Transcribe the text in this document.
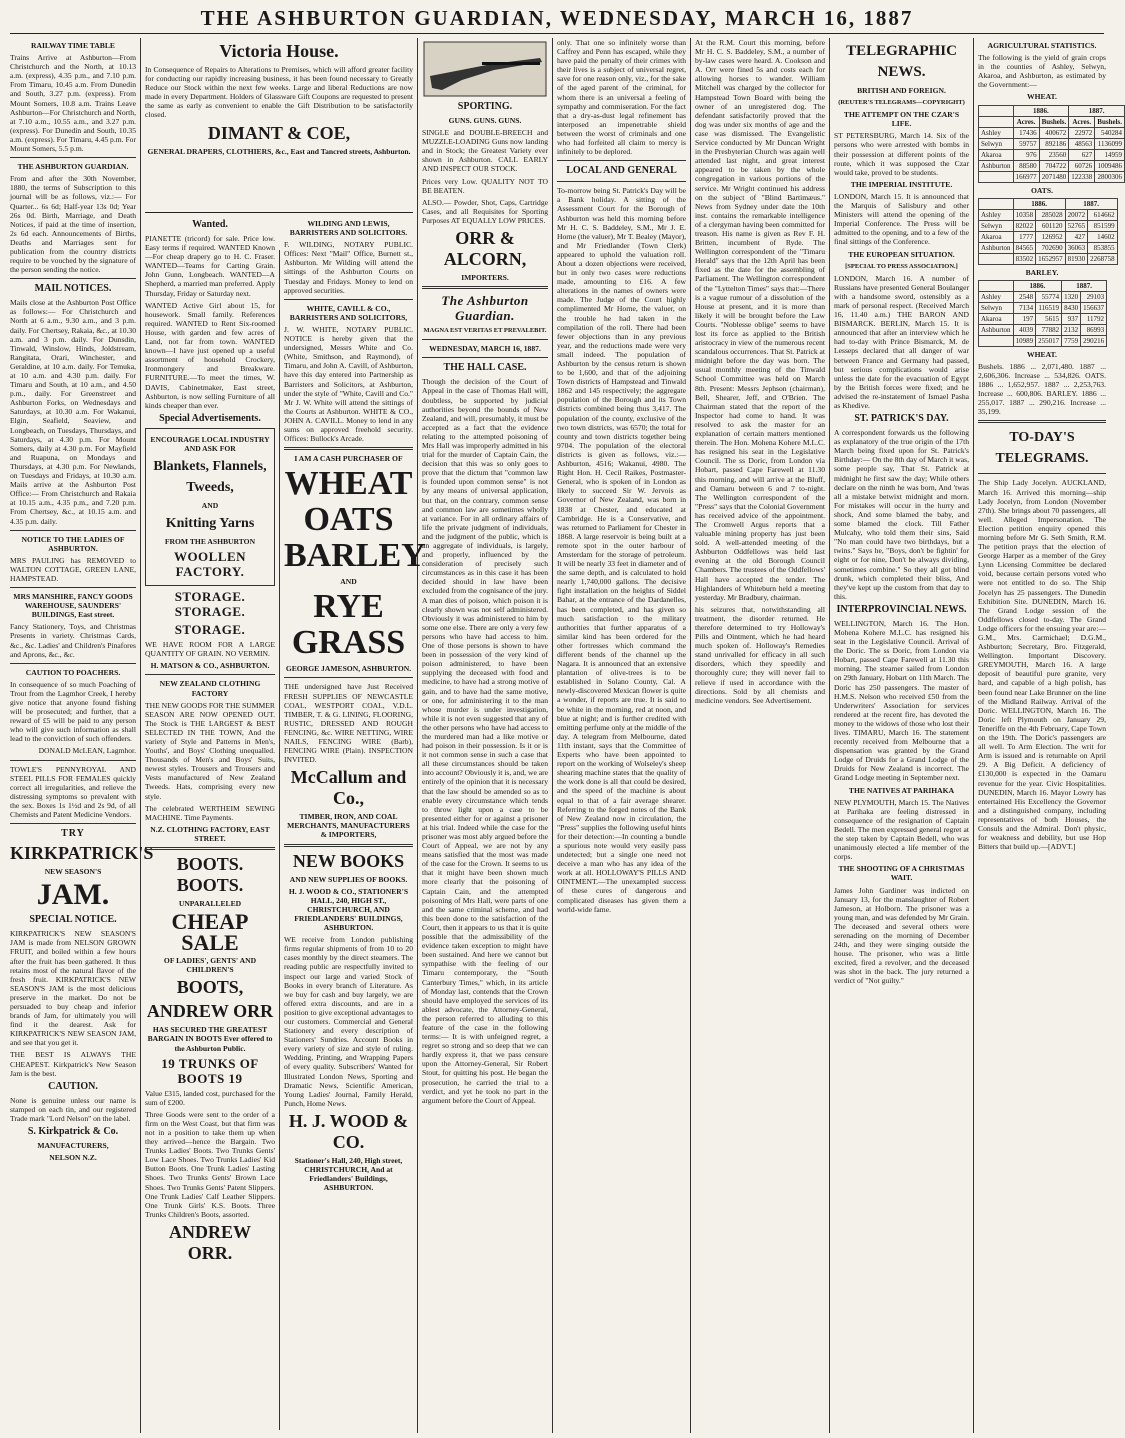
THE ASHBURTON GUARDIAN, WEDNESDAY, MARCH 16, 1887
RAILWAY TIME TABLE

Trains Arrive at Ashburton—From Christchurch and the North, at 10.13 a.m. (express), 4.35 p.m., and 7.10 p.m. From Timaru, 10.45 a.m. From Dunedin and South, 3.27 p.m. (express). From Mount Somers, 10.8 a.m. Trains Leave Ashburton—For Christchurch and North, at 7.10 a.m., 10.55 a.m., and 3.27 p.m. (express). For Dunedin and South, 10.35 a.m. (express). For Timaru, 4.45 p.m. For Mount Somers, 5.5 p.m.

THE ASHBURTON GUARDIAN.

From and after the 30th November, 1880, the terms of Subscription to this journal will be as follows, viz.:— For Quarter... 6s 6d; Half-year 13s 0d; Year 26s 0d. Birth, Marriage, and Death Notices, if paid at the time of insertion, 2s 6d each. Announcements of Births, Deaths and Marriages sent for publication from the country districts require to be vouched by the signature of the person sending the notice.

MAIL NOTICES.

Mails close at the Ashburton Post Office as follows:— For Christchurch and North at 6 a.m., 9.30 a.m., and 3 p.m. daily. For Chertsey, Rakaia, &c., at 10.30 a.m. and 3 p.m. daily. For Dunsdin, Tinwald, Winslow, Hinds, Joldstream, Rangitata, Orari, Winchester, and Geraldine, at 10 a.m. daily. For Temuka, at 10 a.m. and 4.30 p.m. daily. For Timaru and South, at 10 a.m., and 4.50 p.m., daily. For Greenstreet and Ashburton Forks, on Wednesdays and Saturdays, at 10.30 a.m. For Wakanui, Elgin, Seafield, Seaview, and Longbeach, on Tuesdays, Thursdays, and Saturdays, at 4.30 p.m. For Mount Somers, daily at 4.30 p.m. For Mayfield and Ruapuna, on Mondays and Thursdays, at 4.30 p.m. For Newlands, on Tuesdays and Fridays, at 10.30 a.m. Mails arrive at the Ashburton Post Office:— From Christchurch and Rakaia at 10.15 a.m., 4.35 p.m., and 7.20 p.m. From Chertsey, &c., at 10.15 a.m. and 4.35 p.m. daily.

NOTICE TO THE LADIES OF ASHBURTON.

MRS PAULING has REMOVED to WALTON COTTAGE, GREEN LANE, HAMPSTEAD.

MRS MANSHIRE, FANCY GOODS WAREHOUSE, SAUNDERS' BUILDINGS, East street.

Fancy Stationery, Toys, and Christmas Presents in variety. Christmas Cards, &c., &c. Ladies' and Children's Pinafores and Aprons, &c., &c.

CAUTION TO POACHERS.

In consequence of so much Poaching of Trout from the Lagmhor Creek, I hereby give notice that anyone found fishing will be prosecuted; and further, that a reward of £5 will be paid to any person who will give such information as shall lead to the conviction of such offenders.

DONALD McLEAN, Lagmhor.

TOWLE'S PENNYROYAL AND STEEL PILLS FOR FEMALES quickly correct all irregularities, and relieve the distressing symptoms so prevalent with the sex. Boxes 1s 1½d and 2s 9d, of all Chemists and Patent Medicine Vendors.

TRY
KIRKPATRICK'S
NEW SEASON'S
JAM.
SPECIAL NOTICE.

KIRKPATRICK'S NEW SEASON'S JAM is made from NELSON GROWN FRUIT, and boiled within a few hours after the fruit has been gathered. It thus retains most of the natural flavor of the fresh fruit. KIRKPATRICK'S NEW SEASON'S JAM is the most delicious preserve in the market. Do not be persuaded to buy cheap and inferior brands of Jam, for ultimately you will find it the dearest. Ask for KIRKPATRICK'S NEW SEASON JAM, and see that you get it.

THE BEST IS ALWAYS THE CHEAPEST. Kirkpatrick's New Season Jam is the best.

CAUTION.

None is genuine unless our name is stamped on each tin, and our registered Trade mark "Lord Nelson" on the label.

S. Kirkpatrick & Co.
MANUFACTURERS,
NELSON N.Z.
Victoria House.

In Consequence of Repairs to Alterations to Premises, which will afford greater facility for conducting our rapidly increasing business, it has been found necessary to Greatly Reduce our Stock within the next few weeks. Large and liberal Reductions are now made in every Department. Holders of Glassware Gift Coupons are requested to present the same as early as convenient to enable the Gift Distribution to be satisfactorily closed.

DIMANT & COE,
GENERAL DRAPERS, CLOTHIERS, &c., East and Tancred streets, Ashburton.
Wanted.

PIANETTE (tricord) for sale. Price low. Easy terms if required. WANTED Known—For cheap drapery go to H. C. Fraser. WANTED—Teams for Carting Grain. John Gunn, Longbeach. WANTED—A Shepherd, a married man preferred. Apply Thursday, Friday or Saturday next.

WANTED Active Girl about 15, for housework. Small family. References required. WANTED to Rent Six-roomed House, with garden and few acres of Land, not far from town. WANTED known—I have just opened up a useful assortment of household Crockery, Ironmongery and Breakware. FURNITURE.—To meet the times, W. DAVIS, Cabinetmaker, East street, Ashburton, is now selling Furniture of all kinds cheaper than ever.

Special Advertisements.
ENCOURAGE LOCAL INDUSTRY AND ASK FOR
Blankets, Flannels, Tweeds,
AND
Knitting Yarns
FROM THE ASHBURTON
WOOLLEN FACTORY.
STORAGE. STORAGE.
STORAGE.

WE HAVE ROOM FOR A LARGE QUANTITY OF GRAIN. NO VERMIN.

H. MATSON & CO., ASHBURTON.
NEW ZEALAND CLOTHING FACTORY

THE NEW GOODS FOR THE SUMMER SEASON ARE NOW OPENED OUT. The Stock is THE LARGEST & BEST SELECTED IN THE TOWN, And the variety of Style and Patterns in Men's, Youths', and Boys' Clothing unequalled. Thousands of Men's and Boys' Suits, newest styles. Trousers and Trousers and Vests manufactured of New Zealand Tweeds. Hats, comprising every new style.

The celebrated WERTHEIM SEWING MACHINE. Time Payments.

N.Z. CLOTHING FACTORY, EAST STREET.
BOOTS. BOOTS.
UNPARALLELED
CHEAP SALE
OF LADIES', GENTS' AND CHILDREN'S
BOOTS,
ANDREW ORR
HAS SECURED THE GREATEST BARGAIN IN BOOTS Ever offered to the Ashburton Public.
19 TRUNKS OF BOOTS 19

Value £315, landed cost, purchased for the sum of £200.

Three Goods were sent to the order of a firm on the West Coast, but that firm was not in a position to take them up when they arrived—hence the Bargain. Two Trunks Ladies' Boots. Two Trunks Gents' Low Lace Shoes. Two Trunks Ladies' Kid Button Boots. One Trunk Ladies' Lasting Shoes. Two Trunks Gents' Brown Lace Shoes. Two Trunks Gents' Patent Slippers. One Trunk Ladies' Calf Leather Slippers. One Trunk Girls' K.S. Boots. Three Trunks Children's Boots, assorted.

ANDREW ORR.
WILDING AND LEWIS, BARRISTERS AND SOLICITORS.

F. WILDING, NOTARY PUBLIC. Offices: Next "Mail" Office, Burnett st., Ashburton. Mr Wilding will attend the sittings of the Ashburton Courts on Tuesday and Fridays. Money to lend on approved securities.

WHITE, CAVILL & CO., BARRISTERS AND SOLICITORS,

J. W. WHITE, NOTARY PUBLIC. NOTICE is hereby given that the undersigned, Messrs White and Co. (White, Smithson, and Raymond), of Timaru, and John A. Cavill, of Ashburton, have this day entered into Partnership as Barristers and Solicitors, at Ashburton, under the style of "White, Cavill and Co." Mr J. W. White will attend the sittings of the Courts at Ashburton. WHITE & CO., JOHN A. CAVILL. Money to lend in any sums on approved freehold security. Offices: Bullock's Arcade.

I AM A CASH PURCHASER OF
WHEAT
OATS
BARLEY
AND
RYE GRASS
GEORGE JAMESON, ASHBURTON.

THE undersigned have Just Received FRESH SUPPLIES OF NEWCASTLE COAL, WESTPORT COAL, V.D.L. TIMBER, T. & G. LINING, FLOORING, RUSTIC, DRESSED AND ROUGH FENCING, &c. WIRE NETTING, WIRE NAILS, FENCING WIRE (Barb), FENCING WIRE (Plain). INSPECTION INVITED.

McCallum and Co.,
TIMBER, IRON, AND COAL MERCHANTS, MANUFACTURERS & IMPORTERS,
NEW BOOKS
AND NEW SUPPLIES OF BOOKS.
H. J. WOOD & CO., STATIONER'S HALL, 240, HIGH ST., CHRISTCHURCH, AND FRIEDLANDERS' BUILDINGS, ASHBURTON.

WE receive from London publishing firms regular shipments of from 10 to 20 cases monthly by the direct steamers. The reading public are respectfully invited to inspect our large and varied Stock of Books in every branch of Literature. As we buy for cash and buy largely, we are offered extra discounts, and are in a position to give exceptional advantages to our customers. Commercial and General Stationery and every description of Stationers' Sundries. Account Books in every variety of size and style of ruling. Wedding, Printing, and Wrapping Papers of every quality. Subscribers' Wanted for Illustrated London News, Sporting and Dramatic News, Scientific American, Young Ladies' Journal, Family Herald, Punch, Home News.

H. J. WOOD & CO.
Stationer's Hall, 240, High street, CHRISTCHURCH, And at Friedlanders' Buildings, ASHBURTON.
SPORTING.
GUNS. GUNS. GUNS.

SINGLE and DOUBLE-BREECH and MUZZLE-LOADING Guns now landing and in Stock; the Greatest Variety ever shown in Ashburton. CALL EARLY AND INSPECT OUR STOCK.

Prices very Low. QUALITY NOT TO BE BEATEN.

ALSO.— Powder, Shot, Caps, Cartridge Cases, and all Requisites for Sporting Purposes AT EQUALLY LOW PRICES.

ORR & ALCORN,
IMPORTERS.
The Ashburton Guardian.
MAGNA EST VERITAS ET PREVALEBIT.
WEDNESDAY, MARCH 16, 1887.
THE HALL CASE.

Though the decision of the Court of Appeal in the case of Thomas Hall will, doubtless, be supported by judicial authorities beyond the bounds of New Zealand, and will, presumably, it must be accepted as a fact that the evidence relating to the attempted poisoning of Mrs Hall was improperly admitted in his trial for the murder of Captain Cain, the decision that this was so only goes to prove that the dictum that "common law is founded upon common sense" is not by any means of universal application, but that, on the contrary, common sense and common law are sometimes wholly at variance. For in all ordinary affairs of life the private judgment of individuals, and the judgment of the public, which is an aggregate of individuals, is largely, and properly, influenced by the consideration of precisely such circumstances as in this case it has been decided should in law have been excluded from the cognisance of the jury. A man dies of poison, which poison it is clearly shown was not self administered. Obviously it was administered to him by some one else. There are only a very few persons who have had access to him. One of those persons is shown to have been in possession of the very kind of poison administered, to have been supplying the deceased with food and medicine, to have had a strong motive of gain, and to have had the same motive, or one, for administering it to the man whose murder is under investigation, while it is not even suggested that any of the other persons who have had access to the murdered man had a like motive or had poison in their possession. Is it or is it not common sense in such a case that all these circumstances should be taken into account? Obviously it is, and, we are entirely of the opinion that it is necessary that the law should be amended so as to enable every circumstance which tends to throw light upon a case to be presented either for or against a prisoner at his trial. Indeed while the case for the prisoner was most ably argued before the Court of Appeal, we are not by any means satisfied that the most was made of the case for the Crown. It seems to us that it might have been shown much more clearly that the poisoning of Captain Cain, and the attempted poisoning of Mrs Hall, were parts of one and the same criminal scheme, and had this been done to the satisfaction of the Court, then it appears to us that it is quite possible that the admissibility of the evidence taken exception to might have been sustained. And here we cannot but sympathise with the feeling of our Timaru contemporary, the "South Canterbury Times," which, in its article of Monday last, contends that the Crown should have employed the services of its ablest advocate, the Attorney-General, the person referred to alluding to this feature of the case in the following terms:— It is with unfeigned regret, a regret so strong and so deep that we can hardly express it, that we pass censure upon the Attorney-General, Sir Robert Stout, for quitting his post. He began the prosecution, he carried the trial to a verdict, and yet he took no part in the argument before the Court of Appeal.

only. That one so infinitely worse than Caffrey and Penn has escaped, while they have paid the penalty of their crimes with their lives is a subject of universal regret, save for one reason only, viz., for the sake of the aged parent of the criminal, for whom there is an universal a feeling of sympathy and commiseration. For the fact that a dry-as-dust legal refinement has interposed an impenetrable shield between the worst of criminals and one who had forfeited all claim to mercy is infinitely to be deplored.

LOCAL AND GENERAL

To-morrow being St. Patrick's Day will be a Bank holiday. A sitting of the Assessment Court for the Borough of Ashburton was held this morning before Mr H. C. S. Baddeley, S.M., Mr J. E. Horne (the valuer), Mr T. Bealey (Mayor), and Mr Friedlander (Town Clerk) appeared to uphold the valuation roll. About a dozen objections were received, but in only two cases were reductions made, amounting to £16. A few alterations in the names of owners were made. The Judge of the Court highly complimented Mr Horne, the valuer, on the trouble he had taken in the compilation of the roll. There had been fewer objections than in any previous year, and the reductions made were very small indeed. The population of Ashburton by the census return is shown to be 1,600, and that of the adjoining Town districts of Hampstead and Tinwald 1862 and 145 respectively; the aggregate population of the Borough and its Town districts combined being thus 3,417. The population of the county, exclusive of the two town districts, was 6570; the total for county and town districts together being 9704. The population of the electoral districts is given as follows, viz.:—Ashburton, 4516; Wakanui, 4980. The Right Hon. H. Cecil Raikes, Postmaster-General, who is spoken of in London as likely to succeed Sir W. Jervois as Governor of New Zealand, was born in 1838 at Chester, and educated at Cambridge. He is a Conservative, and was returned to Parliament for Chester in 1868. A large reservoir is being built at a remote spot in the outer harbour of Amsterdam for the storage of petroleum. It will be nearly 33 feet in diameter and of the same depth, and is calculated to hold nearly 1,740,000 gallons. The decisive fight installation on the heights of Siddel Bahar, at the entrance of the Dardanelles, has been completed, and has given so much satisfaction to the military authorities that further apparatus of a similar kind has been ordered for the other fortresses which command the different bends of the channel up the Nagara. It is announced that an extensive plantation of olive-trees is to be established in Solano County, Cal. A newly-discovered Mexican flower is quite a wonder, if reports are true. It is said to be white in the morning, red at noon, and blue at night; and is further credited with emitting perfume only at the middle of the day. A telegram from Melbourne, dated 11th instant, says that the Committee of Experts who have been appointed to report on the working of Wolseley's sheep shearing machine states that the quality of the work done is all that could be desired, and the speed of the machine is about equal to that of a fair average shearer. Referring to the forged notes of the Bank of New Zealand now in circulation, the "Press" supplies the following useful hints for their detection:—In counting a bundle a spurious note would very easily pass undetected; but a single one need not deceive a man who has any idea of the work at all. HOLLOWAY'S PILLS AND OINTMENT.—The unexampled success of these cures of dangerous and complicated diseases has given them a world-wide fame.

At the R.M. Court this morning, before Mr H. C. S. Baddeley, S.M., a number of by-law cases were heard. A. Cookson and A. Orr were fined 5s and costs each for allowing horses to wander. William Mitchell was charged by the collector for Hampstead Town Board with being the owner of an unregistered dog. The defendant satisfactorily proved that the dog was under six months of age and the case was dismissed. The Evangelistic Service conducted by Mr Duncan Wright in the Presbyterian Church was again well attended last night, and great interest appeared to be taken by the whole congregation in various portions of the service. Mr Wright continued his address on the subject of "Blind Bartimæus." News from Sydney under date the 10th inst. contains the remarkable intelligence of a clergyman having been committed for treason. His name is given as Rev F. H. Britten, incumbent of Ryde. The Wellington correspondent of the "Timaru Herald" says that the 12th April has been fixed as the date for the assembling of Parliament. The Wellington correspondent of the "Lyttelton Times" says that:—There is a vague rumour of a dissolution of the House at present, and it is more than likely it will be brought before the Law Courts. "Noblesse oblige" seems to have lost its force as applied to the British aristocracy in view of the numerous recent scandalous occurrences. That St. Patrick at midnight before the day was born. The usual monthly meeting of the Tinwald School Committee was held on March 8th. Present: Messrs Jephson (chairman), Bell, Shearer, Jeff, and O'Brien. The Chairman stated that the report of the Inspector had come to hand. It was resolved to ask the master for an explanation of certain matters mentioned therein. The Hon. Mohena Kohere M.L.C. has resigned his seat in the Legislative Council. The ss Doric, from London via Hobart, passed Cape Farewell at 11.30 this morning, and will arrive at the Bluff, and Oamaru between 6 and 7 to-night. The Wellington correspondent of the "Press" says that the Colonial Government has received advice of the appointment. The Cromwell Argus reports that a valuable mining property has just been sold. A well-attended meeting of the Ashburton Oddfellows was held last evening at the old Borough Council Chambers. The trustees of the Oddfellows' Hall have accepted the tender. The Highlanders of Whiteburn held a meeting yesterday. Mr Bradbury, chairman.

his seizures that, notwithstanding all treatment, the disorder returned. He therefore determined to try Holloway's Pills and Ointment, which he had heard much spoken of. Holloway's Remedies stand unrivalled for efficacy in all such disorders, which they speedily and thoroughly cure; they will never fail to relieve if used in accordance with the directions. Sold by all chemists and medicine vendors. See Advertisement.

TELEGRAPHIC NEWS.
BRITISH AND FOREIGN.
(REUTER'S TELEGRAMS—COPYRIGHT)
THE ATTEMPT ON THE CZAR'S LIFE.

ST PETERSBURG, March 14. Six of the persons who were arrested with bombs in their possession at different points of the route, which it was supposed the Czar would take, proved to be students.

THE IMPERIAL INSTITUTE.

LONDON, March 15. It is announced that the Marquis of Salisbury and other Ministers will attend the opening of the Imperial Conference. The Press will be admitted to the opening, and to a few of the final sittings of the Conference.

THE EUROPEAN SITUATION.
[SPECIAL TO PRESS ASSOCIATION.]

LONDON, March 16. A number of Russians have presented General Boulanger with a handsome sword, ostensibly as a mark of personal respect. (Received March 16, 11.40 a.m.) THE BARON AND BISMARCK. BERLIN, March 15. It is announced that after an interview which he had to-day with Prince Bismarck, M. de Lesseps declared that all danger of war between France and Germany had passed, but serious complications would arise unless the date for the evacuation of Egypt by the British forces were fixed; and he advised the re-instatement of Ismael Pasha as Khedive.

ST. PATRICK'S DAY.

A correspondent forwards us the following as explanatory of the true origin of the 17th March being fixed upon for St. Patrick's Birthday:— On the 8th day of March it was, some people say, That St. Patrick at midnight he first saw the day; While others declare on the ninth he was born, And 'twas all a mistake betwixt midnight and morn. For mistakes will occur in the hurry and shock, And some blamed the baby, and some blamed the clock. Till Father Mulcahy, who told them their sins, Said "No man could have two birthdays, but a twins." Says he, "Boys, don't be fightin' for eight or for nine, Don't be always dividing, sometimes combine." So they all got blind drunk, which completed their bliss, And they've kept up the custom from that day to this.

INTERPROVINCIAL NEWS.

WELLINGTON, March 16. The Hon. Mohena Kohere M.L.C. has resigned his seat in the Legislative Council. Arrival of the Doric. The ss Doric, from London via Hobart, passed Cape Farewell at 11.30 this morning. The steamer sailed from London on 29th January, Hobart on 11th March. The Doric has 250 passengers. The master of H.M.S. Nelson who received £50 from the Underwriters' Association for services rendered at the recent fire, has devoted the money to the widows of those who lost their lives. TIMARU, March 16. The statement recently received from Melbourne that a dispensation was granted by the Grand Lodge of Druids for a Grand Lodge of the Druids for New Zealand is incorrect. The Grand Lodge meeting in September next.

THE NATIVES AT PARIHAKA

NEW PLYMOUTH, March 15. The Natives at Parihaka are feeling distressed in consequence of the resignation of Captain Bedell. The men expressed general regret at the step taken by Captain Bedell, who was unanimously elected a life member of the corps.

THE SHOOTING OF A CHRISTMAS WAIT.

James John Gardiner was indicted on January 13, for the manslaughter of Robert Jameson, at Holborn. The prisoner was a young man, and was defended by Mr Grain. The deceased and several others were serenading on the morning of December 24th, and they were singing outside the house. The prisoner, who was a little excited, fired a revolver, and the deceased was shot in the back. The jury returned a verdict of "Not guilty."

AGRICULTURAL STATISTICS.

The following is the yield of grain crops in the counties of Ashley, Selwyn, Akaroa, and Ashburton, as estimated by the Government:—

WHEAT.
	1886.		1887.	
	Acres.	Bushels.	Acres.	Bushels.
Ashley	17436	400672	22972	540284
Selwyn	59757	892186	48563	1136099
Akaroa	976	23560	627	14959
Ashburton	88580	704722	60726	1009486
	166977	2071480	122338	2800306
OATS.
	1886.		1887.	
Ashley	10358	285028	20072	614662
Selwyn	82022	601120	52765	851599
Akaroa	1777	126952	427	14602
Ashburton	84565	702690	36063	853855
	83502	1652957	81930	2268758
BARLEY.
	1886.		1887.	
Ashley	2548	55774	1320	29103
Selwyn	7134	116519	8430	156637
Akaroa	197	5615	937	11792
Ashburton	4039	77882	2132	86993
	10989	255017	7759	290216
WHEAT.

Bushels. 1886 ... 2,071,480. 1887 ... 2,606,306. Increase ... 534,826. OATS. 1886 ... 1,652,957. 1887 ... 2,253,763. Increase ... 600,806. BARLEY. 1886 ... 255,017. 1887 ... 290,216. Increase ... 35,199.

TO-DAY'S TELEGRAMS.

The Ship Lady Jocelyn. AUCKLAND, March 16. Arrived this morning—ship Lady Jocelyn, from London (November 27th). She brings about 70 passengers, all well. Alleged Impersonation. The Election petition enquiry opened this morning before Mr G. Seth Smith, R.M. The petition prays that the election of George Harper as a member of the Grey Lynn Licensing Committee be declared void, because certain persons voted who were not entitled to do so. The Ship Jocelyn has 25 passengers. The Dunedin Exhibition Site. DUNEDIN, March 16. The Grand Lodge session of the Oddfellows closed to-day. The Grand Lodge officers for the ensuing year are:—G.M., Mrs. Carmichael; D.G.M., Ashburton; Secretary, Bro. Fitzgerald, Wellington. Important Discovery. GREYMOUTH, March 16. A large deposit of beautiful pure granite, very hard, and capable of a high polish, has been found near Lake Brunner on the line of the Midland Railway. Arrival of the Doric. WELLINGTON, March 16. The Doric left Plymouth on January 29, Teneriffe on the 4th February, Cape Town on the 19th. The Doric's passengers are all well. To Arm Election. The writ for Arm is issued and is returnable on April 29. A Big Deficit. A deficiency of £130,000 is expected in the Oamaru revenue for the year. Civic Hospitalities. DUNEDIN, March 16. Mayor Lowry has entertained His Excellency the Governor and a distinguished company, including representatives of both Houses, the Consuls and the Admiral. Don't physic, for weakness and debility, but use Hop Bitters that build up.—[ADVT.]
